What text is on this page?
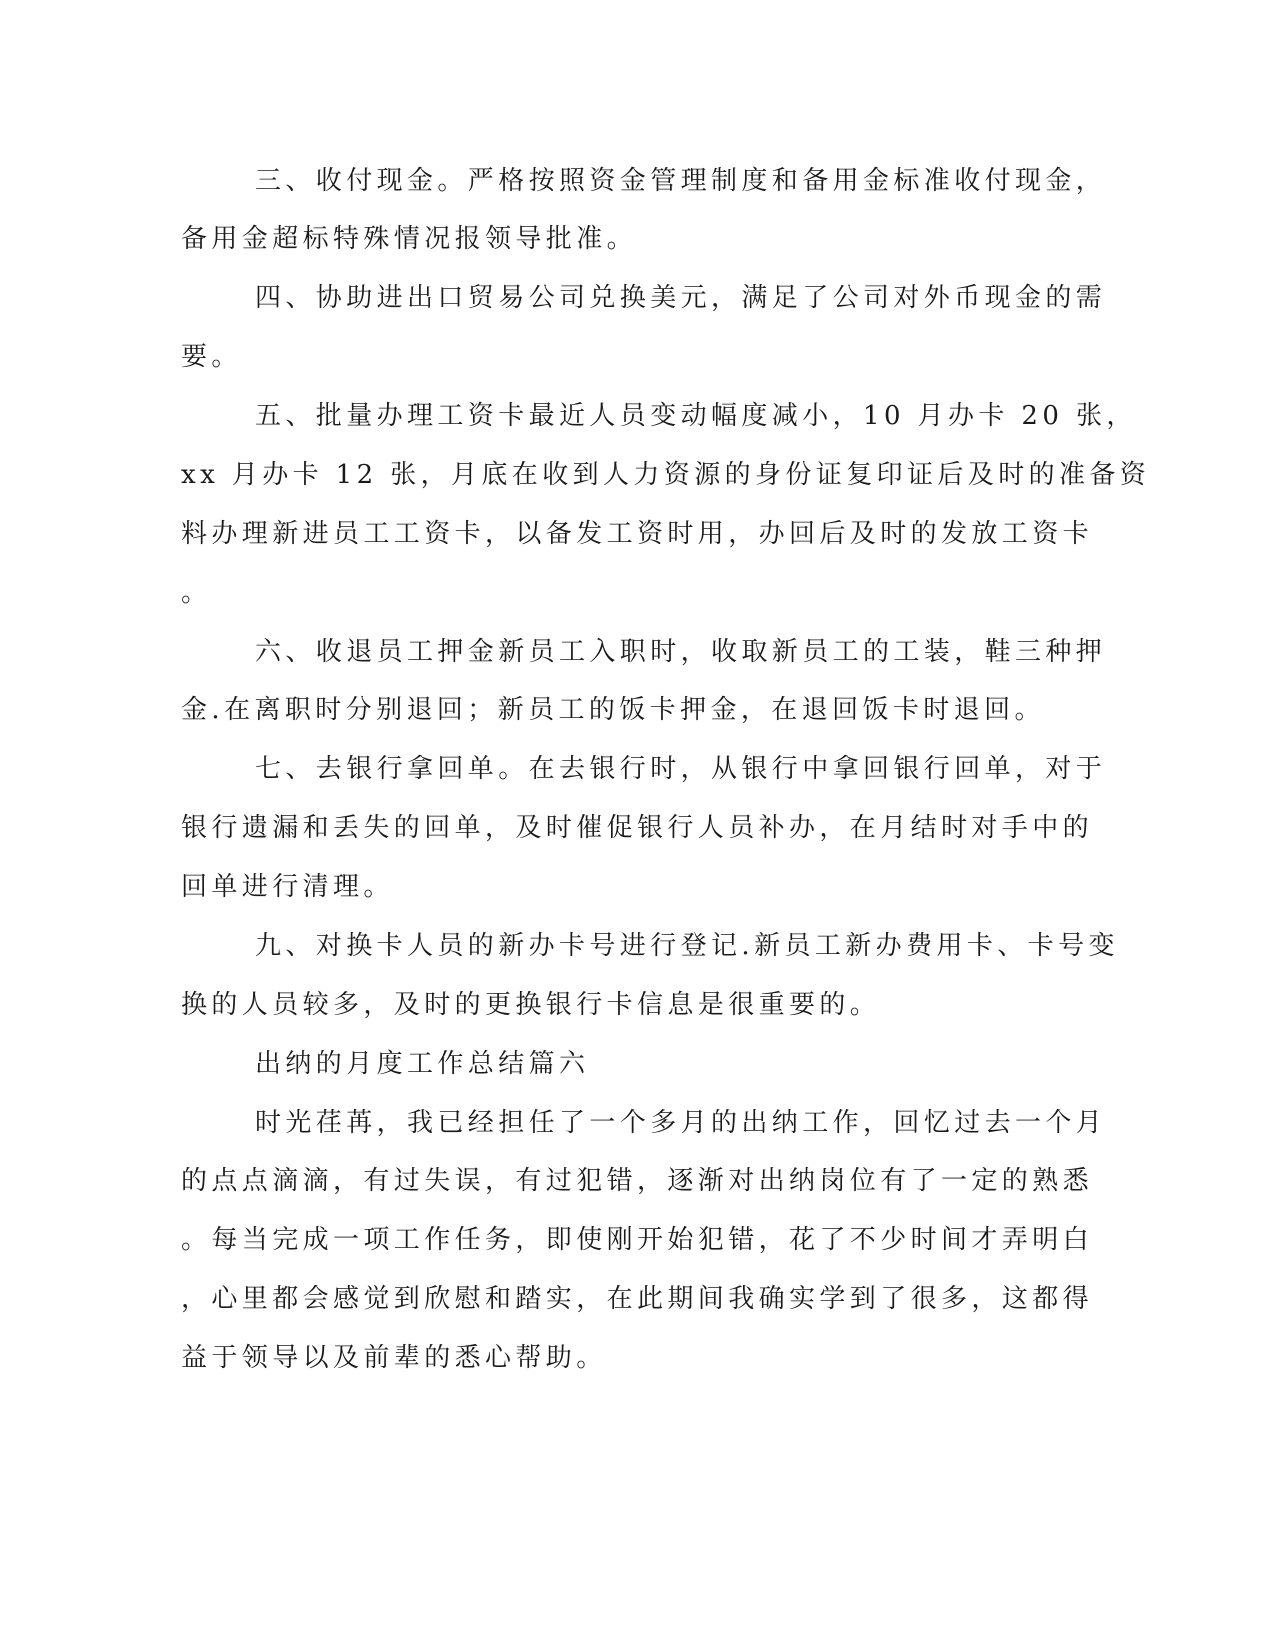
三、收付现金。严格按照资金管理制度和备用金标准收付现金，
备用金超标特殊情况报领导批准。
四、协助进出口贸易公司兑换美元，满足了公司对外币现金的需
要。
五、批量办理工资卡最近人员变动幅度减小，10 月办卡 20 张，
xx 月办卡 12 张，月底在收到人力资源的身份证复印证后及时的准备资
料办理新进员工工资卡，以备发工资时用，办回后及时的发放工资卡
。
六、收退员工押金新员工入职时，收取新员工的工装，鞋三种押
金.在离职时分别退回；新员工的饭卡押金，在退回饭卡时退回。
七、去银行拿回单。在去银行时，从银行中拿回银行回单，对于
银行遗漏和丢失的回单，及时催促银行人员补办，在月结时对手中的
回单进行清理。
九、对换卡人员的新办卡号进行登记.新员工新办费用卡、卡号变
换的人员较多，及时的更换银行卡信息是很重要的。
出纳的月度工作总结篇六
时光荏苒，我已经担任了一个多月的出纳工作，回忆过去一个月
的点点滴滴，有过失误，有过犯错，逐渐对出纳岗位有了一定的熟悉
。每当完成一项工作任务，即使刚开始犯错，花了不少时间才弄明白
，心里都会感觉到欣慰和踏实，在此期间我确实学到了很多，这都得
益于领导以及前辈的悉心帮助。
